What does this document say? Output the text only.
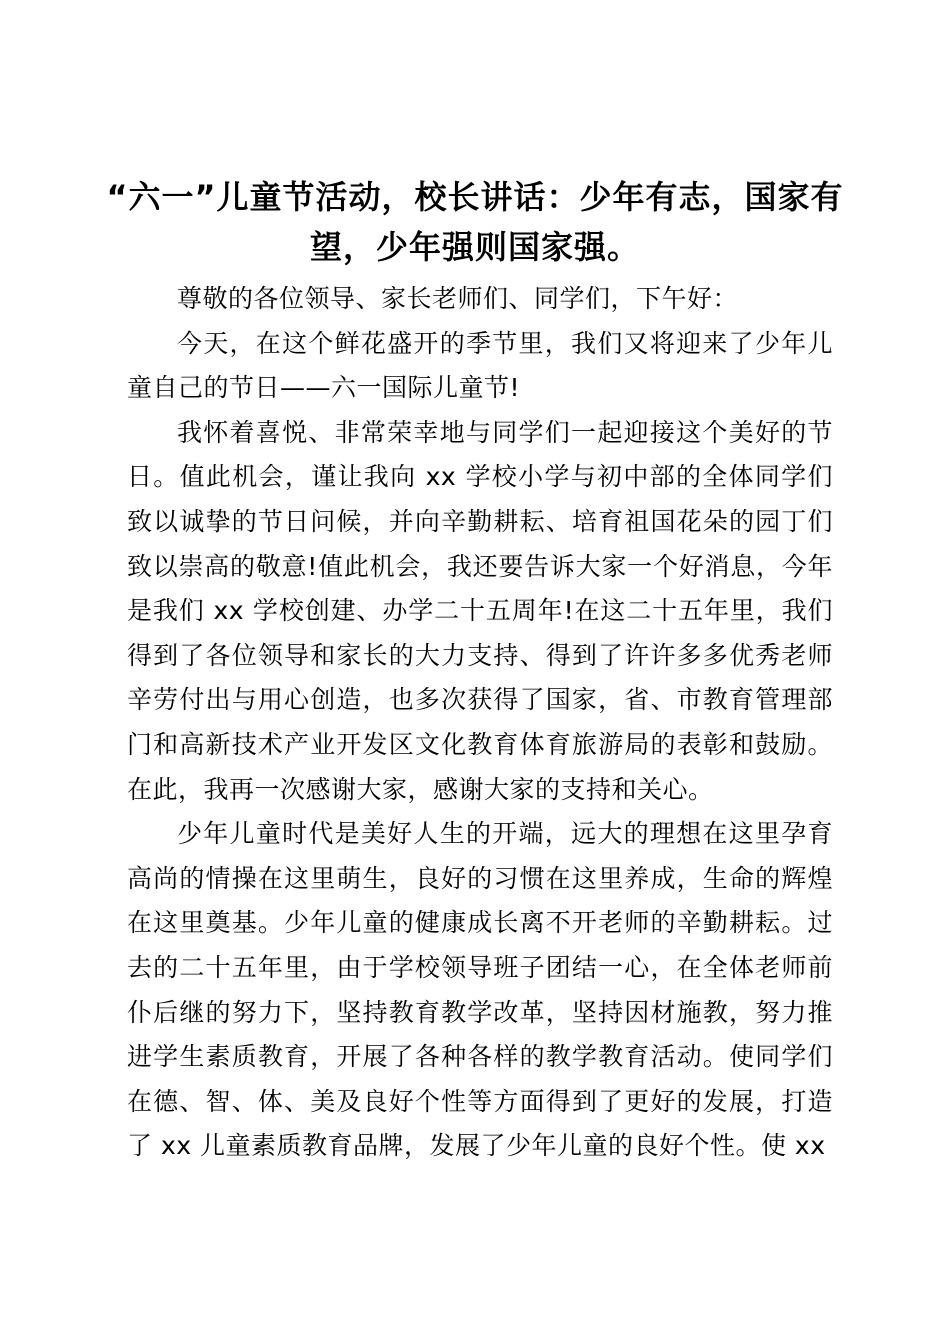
“六一”儿童节活动，校长讲话：少年有志，国家有望，少年强则国家强。

尊敬的各位领导、家长老师们、同学们，下午好：

今天，在这个鲜花盛开的季节里，我们又将迎来了少年儿童自己的节日——六一国际儿童节!

我怀着喜悦、非常荣幸地与同学们一起迎接这个美好的节日。值此机会，谨让我向 xx 学校小学与初中部的全体同学们致以诚挚的节日问候，并向辛勤耕耘、培育祖国花朵的园丁们致以崇高的敬意!值此机会，我还要告诉大家一个好消息，今年是我们 xx 学校创建、办学二十五周年!在这二十五年里，我们得到了各位领导和家长的大力支持、得到了许许多多优秀老师辛劳付出与用心创造，也多次获得了国家，省、市教育管理部门和高新技术产业开发区文化教育体育旅游局的表彰和鼓励。在此，我再一次感谢大家，感谢大家的支持和关心。

少年儿童时代是美好人生的开端，远大的理想在这里孕育高尚的情操在这里萌生，良好的习惯在这里养成，生命的辉煌在这里奠基。少年儿童的健康成长离不开老师的辛勤耕耘。过去的二十五年里，由于学校领导班子团结一心，在全体老师前仆后继的努力下，坚持教育教学改革，坚持因材施教，努力推进学生素质教育，开展了各种各样的教学教育活动。使同学们在德、智、体、美及良好个性等方面得到了更好的发展，打造了 xx 儿童素质教育品牌，发展了少年儿童的良好个性。使 xx
